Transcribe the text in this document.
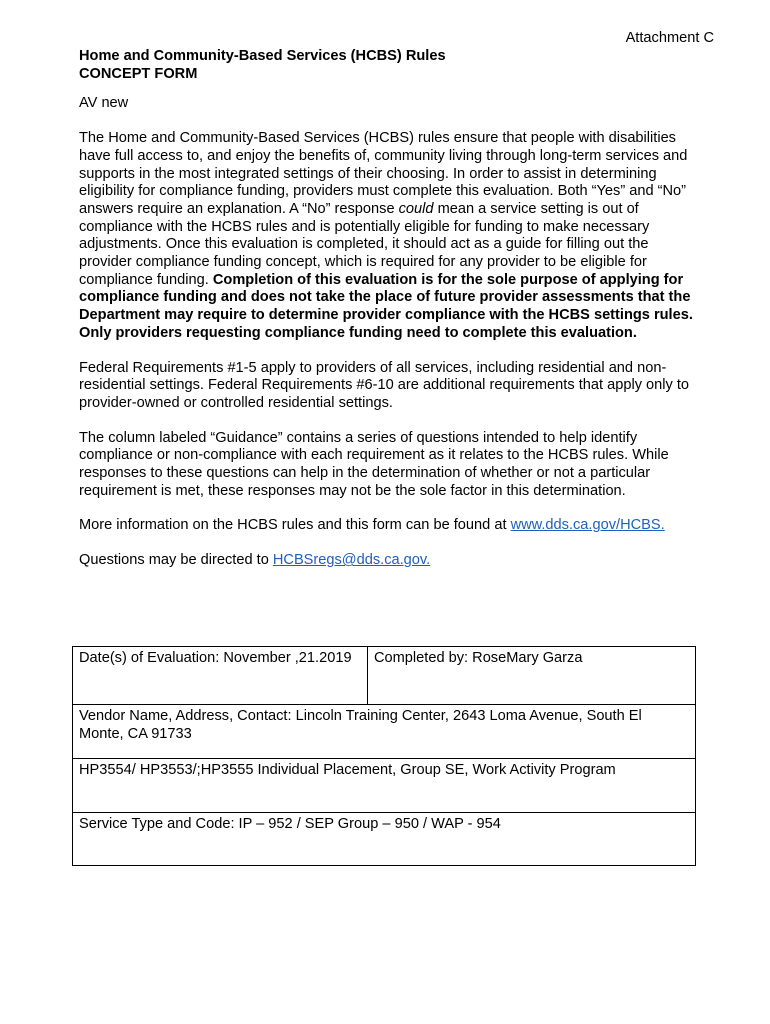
Attachment C

Home and Community-Based Services (HCBS) Rules

CONCEPT FORM

AV new

The Home and Community-Based Services (HCBS) rules ensure that people with disabilities have full access to, and enjoy the benefits of, community living through long-term services and supports in the most integrated settings of their choosing. In order to assist in determining eligibility for compliance funding, providers must complete this evaluation. Both “Yes” and “No” answers require an explanation. A “No” response could mean a service setting is out of compliance with the HCBS rules and is potentially eligible for funding to make necessary adjustments. Once this evaluation is completed, it should act as a guide for filling out the provider compliance funding concept, which is required for any provider to be eligible for compliance funding. Completion of this evaluation is for the sole purpose of applying for compliance funding and does not take the place of future provider assessments that the Department may require to determine provider compliance with the HCBS settings rules. Only providers requesting compliance funding need to complete this evaluation.

Federal Requirements #1-5 apply to providers of all services, including residential and non-residential settings. Federal Requirements #6-10 are additional requirements that apply only to provider-owned or controlled residential settings.

The column labeled “Guidance” contains a series of questions intended to help identify compliance or non-compliance with each requirement as it relates to the HCBS rules. While responses to these questions can help in the determination of whether or not a particular requirement is met, these responses may not be the sole factor in this determination.

More information on the HCBS rules and this form can be found at www.dds.ca.gov/HCBS.

Questions may be directed to HCBSregs@dds.ca.gov.

Date(s) of Evaluation: November ,21.2019	Completed by: RoseMary Garza
Vendor Name, Address, Contact: Lincoln Training Center, 2643 Loma Avenue, South El Monte, CA 91733
HP3554/ HP3553/;HP3555 Individual Placement, Group SE, Work Activity Program
Service Type and Code: IP – 952 / SEP Group – 950 / WAP - 954
